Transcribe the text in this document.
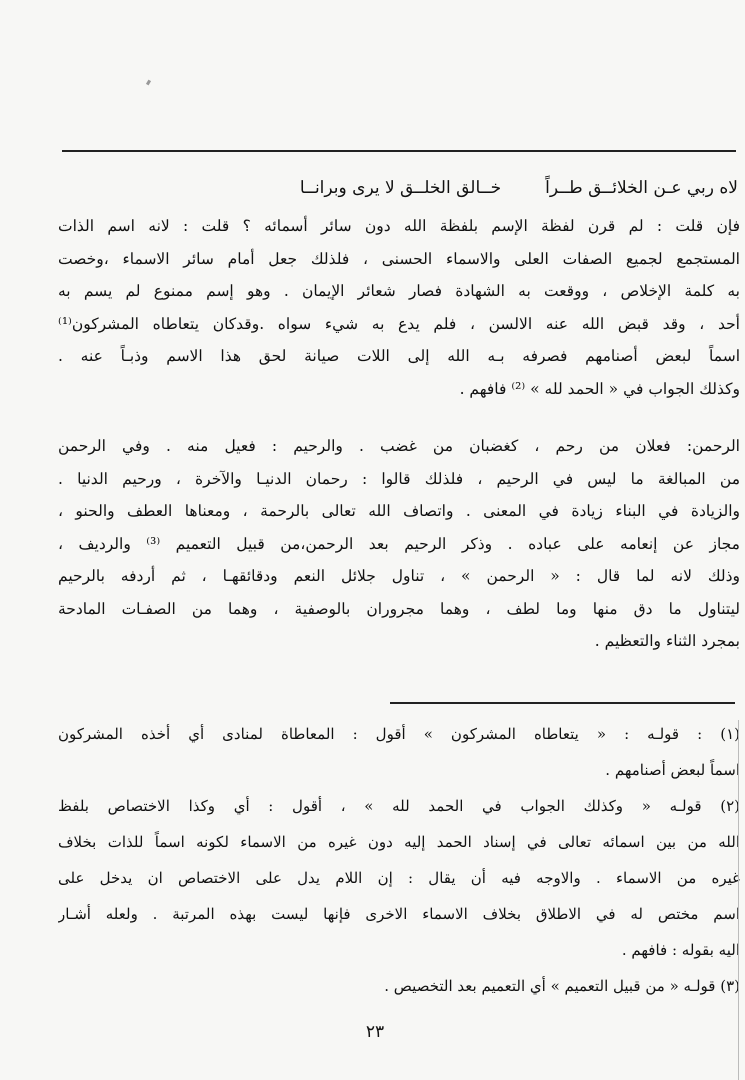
لاه ربي عـن الخلائــق طــراً
خــالق الخلــق لا يرى وبرانــا
فإن قلت : لم قرن لفظة الإسم بلفظة الله دون سائر أسمائه ؟ قلت : لانه اسم الذات
المستجمع لجميع الصفات العلى والاسماء الحسنى ، فلذلك جعل أمام سائر الاسماء ،وخصت
به كلمة الإخلاص ، ووقعت به الشهادة فصار شعائر الإيمان . وهو إسم ممنوع لم يسم به
أحد ، وقد قبض الله عنه الالسن ، فلم يدع به شيء سواه .وقدكان يتعاطاه المشركون⁽¹⁾
اسماً لبعض أصنامهم فصرفه بـه الله إلى اللات صيانة لحق هذا الاسم وذبـاً عنه .
وكذلك الجواب في « الحمد لله » ⁽²⁾ فافهم .
الرحمن: فعلان من رحم ، كغضبان من غضب . والرحيم : فعيل منه . وفي الرحمن
من المبالغة ما ليس في الرحيم ، فلذلك قالوا : رحمان الدنيـا والآخرة ، ورحيم الدنيا .
والزيادة في البناء زيادة في المعنى . واتصاف الله تعالى بالرحمة ، ومعناها العطف والحنو ،
مجاز عن إنعامه على عباده . وذكر الرحيم بعد الرحمن،من قبيل التعميم ⁽³⁾ والرديف ،
وذلك لانه لما قال : « الرحمن » ، تناول جلائل النعم ودقائقهـا ، ثم أردفه بالرحيم
ليتناول ما دق منها وما لطف ، وهما مجروران بالوصفية ، وهما من الصفـات المادحة
بمجرد الثناء والتعظيم .
(١) : قولـه : « يتعاطاه المشركون » أقول : المعاطاة لمنادى أي أخذه المشركون
اسماً لبعض أصنامهم .
(٢) قولـه « وكذلك الجواب في الحمد لله » ، أقول : أي وكذا الاختصاص بلفظ
الله من بين اسمائه تعالى في إسناد الحمد إليه دون غيره من الاسماء لكونه اسماً للذات بخلاف
غيره من الاسماء . والاوجه فيه أن يقال : إن اللام يدل على الاختصاص ان يدخل على
اسم مختص له في الاطلاق بخلاف الاسماء الاخرى فإنها ليست بهذه المرتبة . ولعله أشـار
اليه بقوله : فافهم .
(٣) قولـه « من قبيل التعميم » أي التعميم بعد التخصيص .
٢٣
